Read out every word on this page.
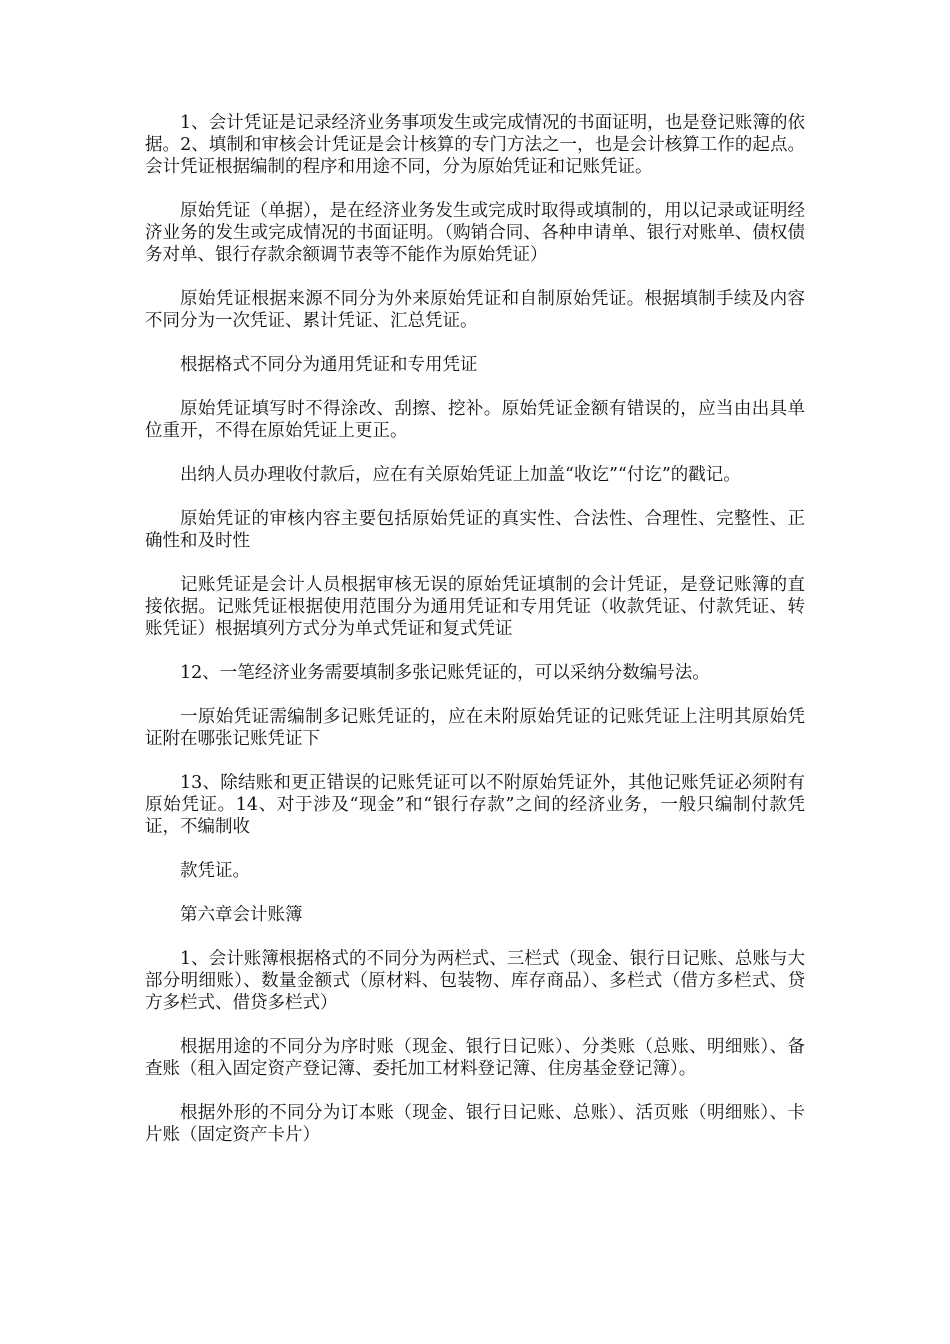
1、会计凭证是记录经济业务事项发生或完成情况的书面证明，也是登记账簿的依据。2、填制和审核会计凭证是会计核算的专门方法之一，也是会计核算工作的起点。会计凭证根据编制的程序和用途不同，分为原始凭证和记账凭证。

原始凭证（单据），是在经济业务发生或完成时取得或填制的，用以记录或证明经济业务的发生或完成情况的书面证明。（购销合同、各种申请单、银行对账单、债权债务对单、银行存款余额调节表等不能作为原始凭证）

原始凭证根据来源不同分为外来原始凭证和自制原始凭证。根据填制手续及内容不同分为一次凭证、累计凭证、汇总凭证。

根据格式不同分为通用凭证和专用凭证

原始凭证填写时不得涂改、刮擦、挖补。原始凭证金额有错误的，应当由出具单位重开，不得在原始凭证上更正。

出纳人员办理收付款后，应在有关原始凭证上加盖“收讫”“付讫”的戳记。

原始凭证的审核内容主要包括原始凭证的真实性、合法性、合理性、完整性、正确性和及时性

记账凭证是会计人员根据审核无误的原始凭证填制的会计凭证，是登记账簿的直接依据。记账凭证根据使用范围分为通用凭证和专用凭证（收款凭证、付款凭证、转账凭证）根据填列方式分为单式凭证和复式凭证

12、一笔经济业务需要填制多张记账凭证的，可以采纳分数编号法。

一原始凭证需编制多记账凭证的，应在未附原始凭证的记账凭证上注明其原始凭证附在哪张记账凭证下

13、除结账和更正错误的记账凭证可以不附原始凭证外，其他记账凭证必须附有原始凭证。14、对于涉及“现金”和“银行存款”之间的经济业务，一般只编制付款凭证，不编制收

款凭证。

第六章会计账簿

1、会计账簿根据格式的不同分为两栏式、三栏式（现金、银行日记账、总账与大部分明细账）、数量金额式（原材料、包装物、库存商品）、多栏式（借方多栏式、贷方多栏式、借贷多栏式）

根据用途的不同分为序时账（现金、银行日记账）、分类账（总账、明细账）、备查账（租入固定资产登记簿、委托加工材料登记簿、住房基金登记簿）。

根据外形的不同分为订本账（现金、银行日记账、总账）、活页账（明细账）、卡片账（固定资产卡片）
